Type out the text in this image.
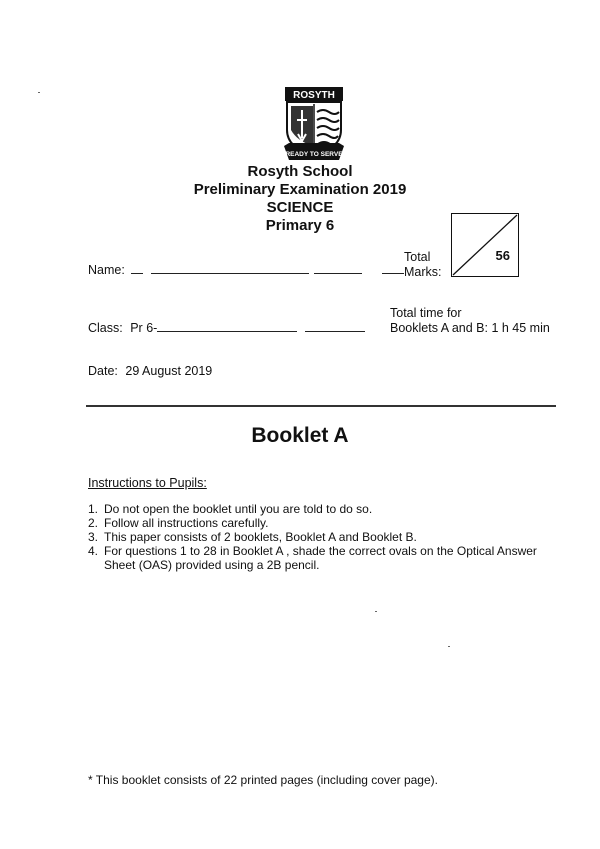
ROSYTH
READY TO SERVE
Rosyth School
Preliminary Examination 2019
SCIENCE
Primary 6
Name:
Total
Marks:
56
Total time for
Booklets A and B: 1 h 45 min
Class: Pr 6-
Date: 29 August 2019
Booklet A
Instructions to Pupils:
1. Do not open the booklet until you are told to do so.
2. Follow all instructions carefully.
3. This paper consists of 2 booklets, Booklet A and Booklet B.
4. For questions 1 to 28 in Booklet A , shade the correct ovals on the Optical Answer Sheet (OAS) provided using a 2B pencil.
* This booklet consists of 22 printed pages (including cover page).
